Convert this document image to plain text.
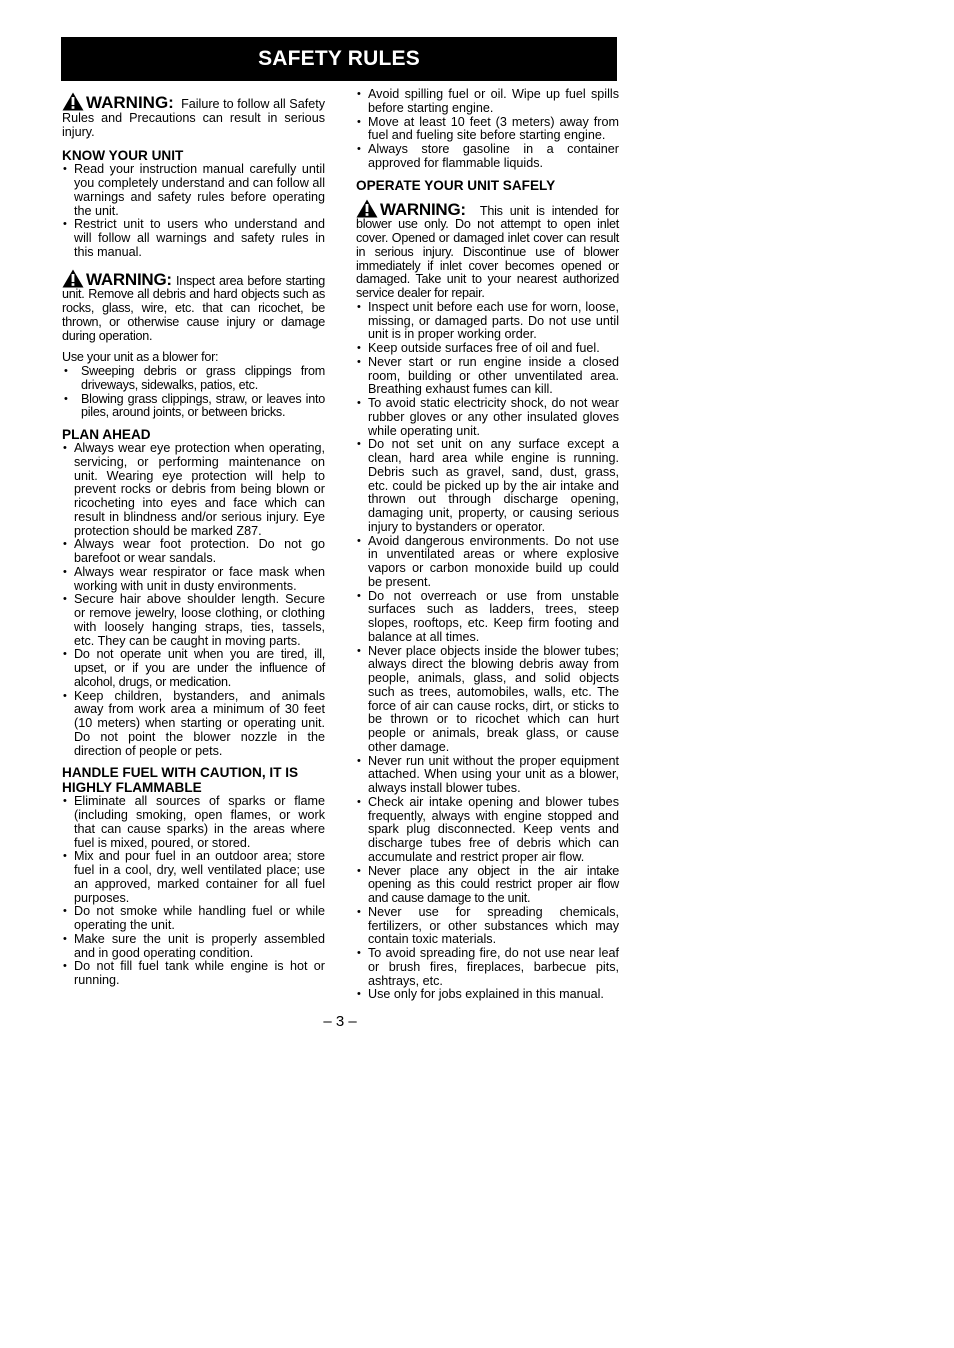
SAFETY RULES

WARNING: Failure to follow all Safety Rules and Precautions can result in serious injury.

KNOW YOUR UNIT
• Read your instruction manual carefully until you completely understand and can follow all warnings and safety rules before operating the unit.
• Restrict unit to users who understand and will follow all warnings and safety rules in this manual.

WARNING: Inspect area before starting unit. Remove all debris and hard objects such as rocks, glass, wire, etc. that can ricochet, be thrown, or otherwise cause injury or damage during operation.

Use your unit as a blower for:

• Sweeping debris or grass clippings from driveways, sidewalks, patios, etc.
• Blowing grass clippings, straw, or leaves into piles, around joints, or between bricks.
PLAN AHEAD
• Always wear eye protection when operating, servicing, or performing maintenance on unit. Wearing eye protection will help to prevent rocks or debris from being blown or ricocheting into eyes and face which can result in blindness and/or serious injury. Eye protection should be marked Z87.
• Always wear foot protection. Do not go barefoot or wear sandals.
• Always wear respirator or face mask when working with unit in dusty environments.
• Secure hair above shoulder length. Secure or remove jewelry, loose clothing, or clothing with loosely hanging straps, ties, tassels, etc. They can be caught in moving parts.
• Do not operate unit when you are tired, ill, upset, or if you are under the influence of alcohol, drugs, or medication.
• Keep children, bystanders, and animals away from work area a minimum of 30 feet (10 meters) when starting or operating unit. Do not point the blower nozzle in the direction of people or pets.
HANDLE FUEL WITH CAUTION, IT IS HIGHLY FLAMMABLE
• Eliminate all sources of sparks or flame (including smoking, open flames, or work that can cause sparks) in the areas where fuel is mixed, poured, or stored.
• Mix and pour fuel in an outdoor area; store fuel in a cool, dry, well ventilated place; use an approved, marked container for all fuel purposes.
• Do not smoke while handling fuel or while operating the unit.
• Make sure the unit is properly assembled and in good operating condition.
• Do not fill fuel tank while engine is hot or running.
• Avoid spilling fuel or oil. Wipe up fuel spills before starting engine.
• Move at least 10 feet (3 meters) away from fuel and fueling site before starting engine.
• Always store gasoline in a container approved for flammable liquids.
OPERATE YOUR UNIT SAFELY

WARNING: This unit is intended for blower use only. Do not attempt to open inlet cover. Opened or damaged inlet cover can result in serious injury. Discontinue use of blower immediately if inlet cover becomes opened or damaged. Take unit to your nearest authorized service dealer for repair.

• Inspect unit before each use for worn, loose, missing, or damaged parts. Do not use until unit is in proper working order.
• Keep outside surfaces free of oil and fuel.
• Never start or run engine inside a closed room, building or other unventilated area. Breathing exhaust fumes can kill.
• To avoid static electricity shock, do not wear rubber gloves or any other insulated gloves while operating unit.
• Do not set unit on any surface except a clean, hard area while engine is running. Debris such as gravel, sand, dust, grass, etc. could be picked up by the air intake and thrown out through discharge opening, damaging unit, property, or causing serious injury to bystanders or operator.
• Avoid dangerous environments. Do not use in unventilated areas or where explosive vapors or carbon monoxide build up could be present.
• Do not overreach or use from unstable surfaces such as ladders, trees, steep slopes, rooftops, etc. Keep firm footing and balance at all times.
• Never place objects inside the blower tubes; always direct the blowing debris away from people, animals, glass, and solid objects such as trees, automobiles, walls, etc. The force of air can cause rocks, dirt, or sticks to be thrown or to ricochet which can hurt people or animals, break glass, or cause other damage.
• Never run unit without the proper equipment attached. When using your unit as a blower, always install blower tubes.
• Check air intake opening and blower tubes frequently, always with engine stopped and spark plug disconnected. Keep vents and discharge tubes free of debris which can accumulate and restrict proper air flow.
• Never place any object in the air intake opening as this could restrict proper air flow and cause damage to the unit.
• Never use for spreading chemicals, fertilizers, or other substances which may contain toxic materials.
• To avoid spreading fire, do not use near leaf or brush fires, fireplaces, barbecue pits, ashtrays, etc.
• Use only for jobs explained in this manual.
– 3 –
